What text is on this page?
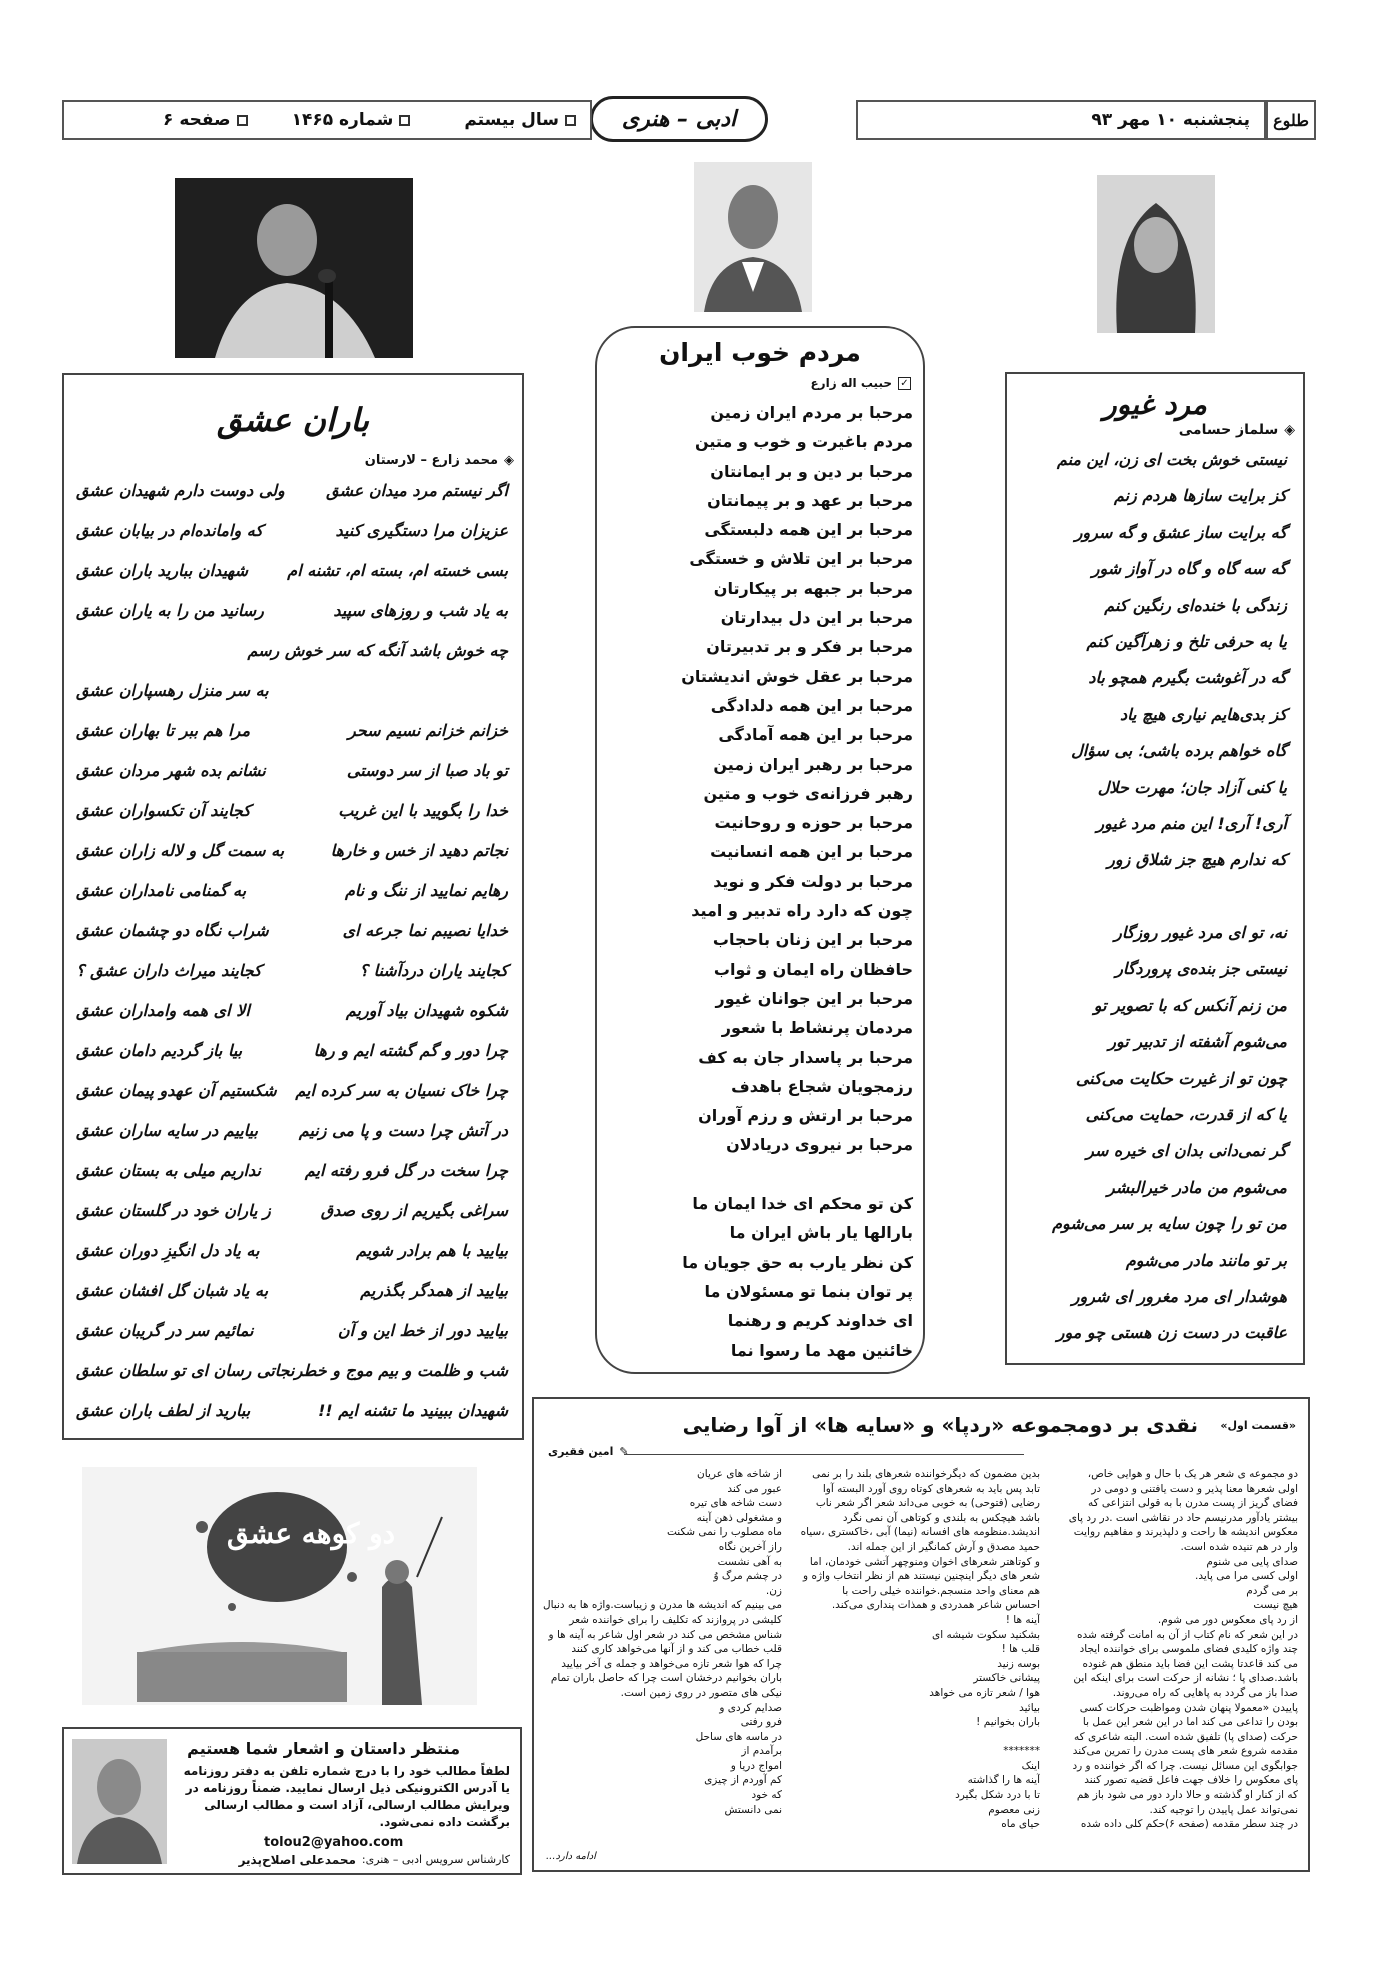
طلوع
پنجشنبه ۱۰ مهر ۹۳
ادبی – هنری
سال بیستم
شماره ۱۴۶۵
صفحه ۶
مرد غیور
◈
سلماز حسامی
نیستی خوش بخت ای زن، این منم
کز برایت سازها هردم زنم
گه برایت ساز عشق و گه سرور
گه سه گاه و گاه در آواز شور
زندگی با خنده‌ای رنگین کنم
یا به حرفی تلخ و زهرآگین کنم
گه در آغوشت بگیرم همچو باد
کز بدی‌هایم نیاری هیچ یاد
گاه خواهم برده باشی؛ بی سؤال
یا کنی آزاد جان؛ مهرت حلال
آری! آری! این منم مرد غیور
که ندارم هیچ جز شلاق زور
نه، تو ای مرد غیور روزگار
نیستی جز بنده‌ی پروردگار
من زنم آنکس که با تصویر تو
می‌شوم آشفته از تدبیر تور
چون تو از غیرت حکایت می‌کنی
یا که از قدرت، حمایت می‌کنی
گر نمی‌دانی بدان ای خیره سر
می‌شوم من مادر خیرالبشر
من تو را چون سایه بر سر می‌شوم
بر تو مانند مادر می‌شوم
هوشدار ای مرد مغرور ای شرور
عاقبت در دست زن هستی چو مور
مردم خوب ایران
✓
حبیب اله زارع
مرحبا بر مردم ایران زمین
مردم باغیرت و خوب و متین
مرحبا بر دین و بر ایمانتان
مرحبا بر عهد و بر پیمانتان
مرحبا بر این همه دلبستگی
مرحبا بر این تلاش و خستگی
مرحبا بر جبهه بر پیکارتان
مرحبا بر این دل بیدارتان
مرحبا بر فکر و بر تدبیرتان
مرحبا بر عقل خوش اندیشتان
مرحبا بر این همه دلدادگی
مرحبا بر این همه آمادگی
مرحبا بر رهبر ایران زمین
رهبر فرزانه‌ی خوب و متین
مرحبا بر حوزه و روحانیت
مرحبا بر این همه انسانیت
مرحبا بر دولت فکر و نوید
چون که دارد راه تدبیر و امید
مرحبا بر این زنان باحجاب
حافظان راه ایمان و ثواب
مرحبا بر این جوانان غیور
مردمان پرنشاط با شعور
مرحبا بر پاسدار جان به کف
رزمجویان شجاع باهدف
مرحبا بر ارتش و رزم آوران
مرحبا بر نیروی دریادلان
کن تو محکم ای خدا ایمان ما
بارالها یار باش ایران ما
کن نظر یارب به حق جویان ما
پر توان بنما تو مسئولان ما
ای خداوند کریم و رهنما
خائنین مهد ما رسوا نما
باران عشق
◈
محمد زارع – لارستان
اگر نیستم مرد میدان عشق
ولی دوست دارم شهیدان عشق
عزیزان مرا دستگیری کنید
که وامانده‌ام در بیابان عشق
بسی خسته ام، بسته ام، تشنه ام
شهیدان ببارید باران عشق
به یاد شب و روزهای سپید
رسانید من را به یاران عشق
چه خوش باشد آنگه که سر خوش رسم
به سر منزل رهسپاران عشق
خزانم خزانم نسیم سحر
مرا هم ببر تا بهاران عشق
تو باد صبا از سر دوستی
نشانم بده شهر مردان عشق
خدا را بگویید با این غریب
کجایند آن تکسواران عشق
نجاتم دهید از خس و خارها
به سمت گل و لاله زاران عشق
رهایم نمایید از ننگ و نام
به گمنامی نامداران عشق
خدایا نصیبم نما جرعه ای
شراب نگاه دو چشمان عشق
کجایند یاران دردآشنا ؟
کجایند میراث داران عشق ؟
شکوه شهیدان بیاد آوریم
الا ای همه وامداران عشق
چرا دور و گم گشته ایم و رها
بیا باز گردیم دامان عشق
چرا خاک نسیان به سر کرده ایم
شکستیم آن عهدو پیمان عشق
در آتش چرا دست و پا می زنیم
بیاییم در سایه ساران عشق
چرا سخت در گل فرو رفته ایم
نداریم میلی به بستان عشق
سراغی بگیریم از روی صدق
ز یاران خود در گلستان عشق
بیایید با هم برادر شویم
به یاد دل انگیزِ دوران عشق
بیایید از همدگر بگذریم
به یاد شبان گل افشان عشق
بیایید دور از خط این و آن
نمائیم سر در گریبان عشق
شب و ظلمت و بیم موج و خطر
نجاتی رسان ای تو سلطان عشق
شهیدان ببینید ما تشنه ایم !!
ببارید از لطف باران عشق
«قسمت اول»
نقدی بر دومجموعه «ردپا» و «سایه ها» از آوا رضایی
✎
امین فقیری
دو مجموعه ی شعر هر یک با حال و هوایی خاص،
اولی شعرها معنا پذیر و دست یافتنی و دومی در
فضای گریز از پست مدرن با به قولی انتزاعی که
بیشتر یادآور مدرنیسم حاد در نقاشی است .در رد پای
معکوس اندیشه ها راحت و دلپذیرند و مفاهیم روایت
وار در هم تنیده شده است.
صدای پایی می شنوم
اولی کسی مرا می پاید.
بر می گردم
هیچ نیست
از رد پای معکوس دور می شوم.
در این شعر که نام کتاب از آن به امانت گرفته شده
چند واژه کلیدی فضای ملموسی برای خواننده ایجاد
می کند قاعدتا پشت این فضا باید منطق هم غنوده
باشد.صدای پا ؛ نشانه از حرکت است برای اینکه این
صدا باز می گردد به پاهایی که راه می‌روند.
پاییدن «معمولا پنهان شدن ومواظبت حرکات کسی
بودن را تداعی می کند اما در این شعر این عمل با
حرکت (صدای پا) تلفیق شده است. البته شاعری که
مقدمه شروع شعر های پست مدرن را تمرین می‌کند
جوابگوی این مسائل نیست. چرا که اگر خواننده و رد
پای معکوس را خلاف جهت فاعل قضیه تصور کنند
که از کنار او گذشته و حالا دارد دور می شود باز هم
نمی‌تواند عمل پاییدن را توجیه کند.
در چند سطر مقدمه (صفحه ۶)حکم کلی داده شده
بدین مضمون که دیگرخواننده شعرهای بلند را بر نمی
تابد پس باید به شعرهای کوتاه روی آورد البسته آوا
رضایی (فتوحی) به خوبی می‌داند شعر اگر شعر ناب
باشد هیچکس به بلندی و کوتاهی آن نمی نگرد
اندیشد.منظومه های افسانه (نیما) آبی ،خاکستری ،سیاه
حمید مصدق و آرش کمانگیر از این جمله اند.
و کوتاهتر شعرهای اخوان ومنوچهر آتشی خودمان، اما
شعر های دیگر اینچنین نیستند هم از نظر انتخاب واژه و
هم معنای واحد منسجم.خواننده خیلی راحت با
احساس شاعر همدردی و همذات پنداری می‌کند.
آینه ها !
بشکنید سکوت شیشه ای
قلب ها !
بوسه زنید
پیشانی خاکستر
هوا / شعر تازه می خواهد
بیائید
باران بخوانیم !

*******
اینک
آینه ها را گذاشته
تا با درد شکل بگیرد
زنی معصوم
حیای ماه
از شاخه های عریان
عبور می کند
دست شاخه های تیره
و مشغولی ذهن آینه
ماه مصلوب را نمی شکنت
راز آخرین نگاه
به آهی نشست
در چشم مرگ وُ
زن.
می بینیم که اندیشه ها مدرن و زیباست.واژه ها به دنبال
کلیشی در پروازند که تکلیف را برای خواننده شعر
شناس مشخص می کند در شعر اول شاعر به آینه ها و
قلب خطاب می کند و از آنها می‌خواهد کاری کنند
چرا که هوا شعر تازه می‌خواهد و جمله ی آخر بیایید
باران بخوانیم درخشان است چرا که حاصل باران تمام
نیکی های متصور در روی زمین است.
صدایم کردی و
فرو رفتی
در ماسه های ساحل
برآمدم از
امواج دریا و
کم آوردم از چیزی
که خود
نمی دانستش
ادامه دارد...
دو کوهه عشق
منتظر داستان و اشعار شما هستیم
لطفاً مطالب خود را با درج شماره تلفن به دفتر روزنامه
یا آدرس الکترونیکی ذیل ارسال نمایید. ضمناً روزنامه در
ویرایش مطالب ارسالی، آزاد است و مطالب ارسالی
برگشت داده نمی‌شود.
tolou2@yahoo.com
کارشناس سرویس ادبی – هنری:
محمدعلی اصلاح‌پذیر
